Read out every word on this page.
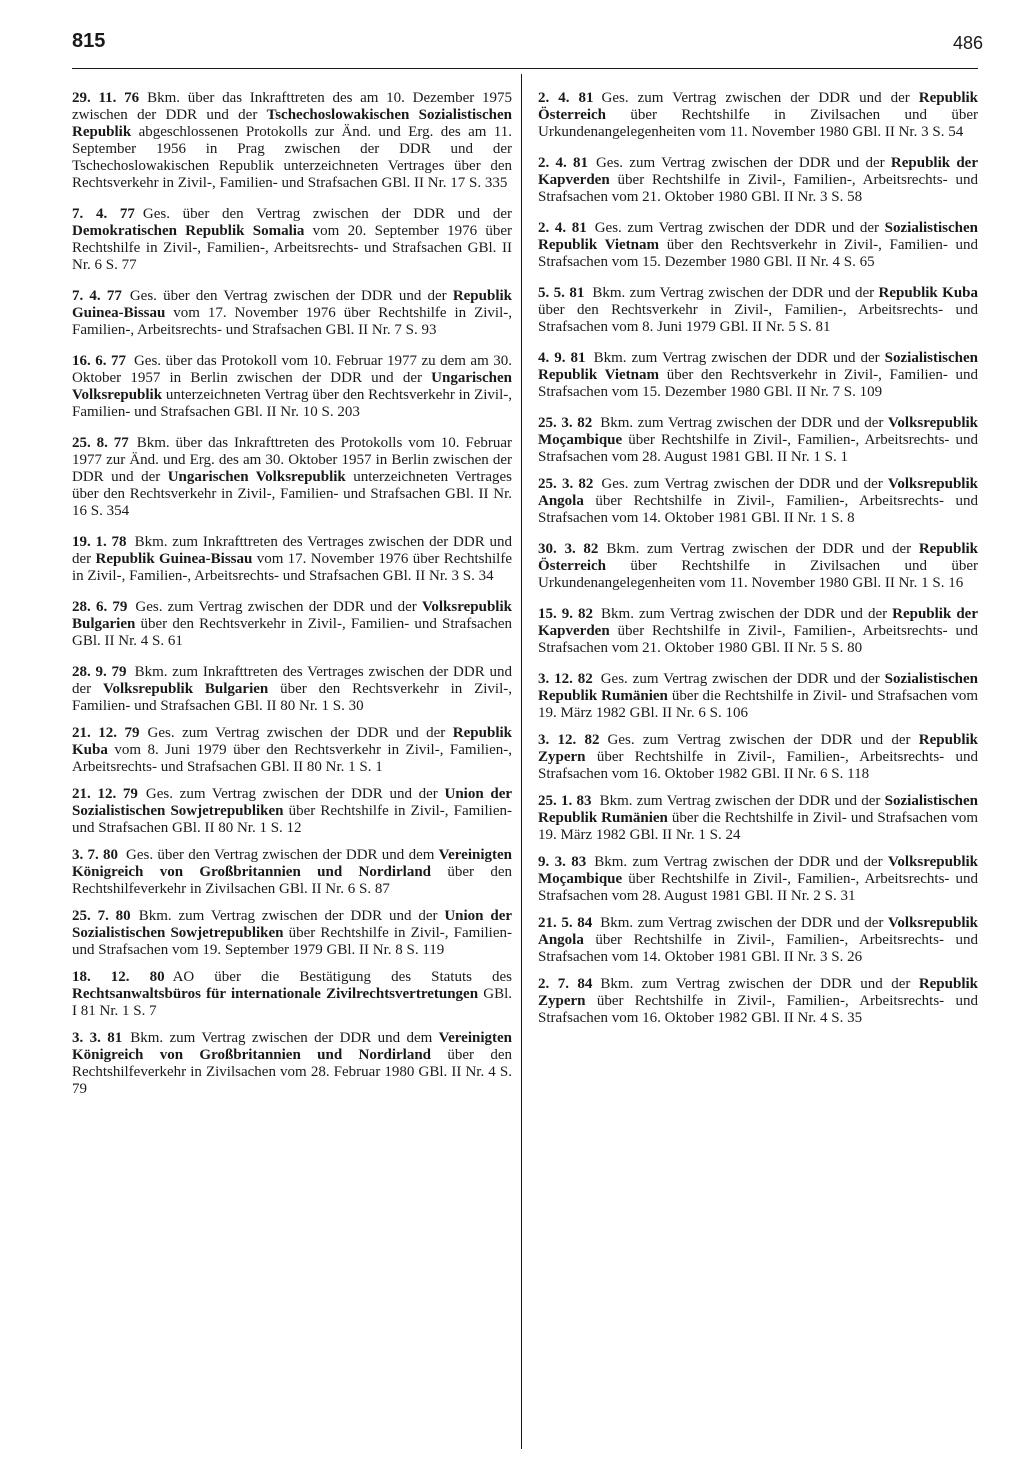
815	486

29. 11. 76 Bkm. über das Inkrafttreten des am 10. Dezember 1975 zwischen der DDR und der Tschechoslowakischen Sozialistischen Republik abgeschlossenen Protokolls zur Änd. und Erg. des am 11. September 1956 in Prag zwischen der DDR und der Tschechoslowakischen Republik unterzeichneten Vertrages über den Rechtsverkehr in Zivil-, Familien- und Strafsachen GBl. II Nr. 17 S. 335

7. 4. 77 Ges. über den Vertrag zwischen der DDR und der Demokratischen Republik Somalia vom 20. September 1976 über Rechtshilfe in Zivil-, Familien-, Arbeitsrechts- und Strafsachen GBl. II Nr. 6 S. 77

7. 4. 77 Ges. über den Vertrag zwischen der DDR und der Republik Guinea-Bissau vom 17. November 1976 über Rechtshilfe in Zivil-, Familien-, Arbeitsrechts- und Strafsachen GBl. II Nr. 7 S. 93

16. 6. 77 Ges. über das Protokoll vom 10. Februar 1977 zu dem am 30. Oktober 1957 in Berlin zwischen der DDR und der Ungarischen Volksrepublik unterzeichneten Vertrag über den Rechtsverkehr in Zivil-, Familien- und Strafsachen GBl. II Nr. 10 S. 203

25. 8. 77 Bkm. über das Inkrafttreten des Protokolls vom 10. Februar 1977 zur Änd. und Erg. des am 30. Oktober 1957 in Berlin zwischen der DDR und der Ungarischen Volksrepublik unterzeichneten Vertrages über den Rechtsverkehr in Zivil-, Familien- und Strafsachen GBl. II Nr. 16 S. 354

19. 1. 78 Bkm. zum Inkrafttreten des Vertrages zwischen der DDR und der Republik Guinea-Bissau vom 17. November 1976 über Rechtshilfe in Zivil-, Familien-, Arbeitsrechts- und Strafsachen GBl. II Nr. 3 S. 34

28. 6. 79 Ges. zum Vertrag zwischen der DDR und der Volksrepublik Bulgarien über den Rechtsverkehr in Zivil-, Familien- und Strafsachen GBl. II Nr. 4 S. 61

28. 9. 79 Bkm. zum Inkrafttreten des Vertrages zwischen der DDR und der Volksrepublik Bulgarien über den Rechtsverkehr in Zivil-, Familien- und Strafsachen GBl. II 80 Nr. 1 S. 30

21. 12. 79 Ges. zum Vertrag zwischen der DDR und der Republik Kuba vom 8. Juni 1979 über den Rechtsverkehr in Zivil-, Familien-, Arbeitsrechts- und Strafsachen GBl. II 80 Nr. 1 S. 1

21. 12. 79 Ges. zum Vertrag zwischen der DDR und der Union der Sozialistischen Sowjetrepubliken über Rechtshilfe in Zivil-, Familien- und Strafsachen GBl. II 80 Nr. 1 S. 12

3. 7. 80 Ges. über den Vertrag zwischen der DDR und dem Vereinigten Königreich von Großbritannien und Nordirland über den Rechtshilfeverkehr in Zivilsachen GBl. II Nr. 6 S. 87

25. 7. 80 Bkm. zum Vertrag zwischen der DDR und der Union der Sozialistischen Sowjetrepubliken über Rechtshilfe in Zivil-, Familien- und Strafsachen vom 19. September 1979 GBl. II Nr. 8 S. 119

18. 12. 80 AO über die Bestätigung des Statuts des Rechtsanwaltsbüros für internationale Zivilrechtsvertretungen GBl. I 81 Nr. 1 S. 7

3. 3. 81 Bkm. zum Vertrag zwischen der DDR und dem Vereinigten Königreich von Großbritannien und Nordirland über den Rechtshilfeverkehr in Zivilsachen vom 28. Februar 1980 GBl. II Nr. 4 S. 79

2. 4. 81 Ges. zum Vertrag zwischen der DDR und der Republik Österreich über Rechtshilfe in Zivilsachen und über Urkundenangelegenheiten vom 11. November 1980 GBl. II Nr. 3 S. 54

2. 4. 81 Ges. zum Vertrag zwischen der DDR und der Republik der Kapverden über Rechtshilfe in Zivil-, Familien-, Arbeitsrechts- und Strafsachen vom 21. Oktober 1980 GBl. II Nr. 3 S. 58

2. 4. 81 Ges. zum Vertrag zwischen der DDR und der Sozialistischen Republik Vietnam über den Rechtsverkehr in Zivil-, Familien- und Strafsachen vom 15. Dezember 1980 GBl. II Nr. 4 S. 65

5. 5. 81 Bkm. zum Vertrag zwischen der DDR und der Republik Kuba über den Rechtsverkehr in Zivil-, Familien-, Arbeitsrechts- und Strafsachen vom 8. Juni 1979 GBl. II Nr. 5 S. 81

4. 9. 81 Bkm. zum Vertrag zwischen der DDR und der Sozialistischen Republik Vietnam über den Rechtsverkehr in Zivil-, Familien- und Strafsachen vom 15. Dezember 1980 GBl. II Nr. 7 S. 109

25. 3. 82 Bkm. zum Vertrag zwischen der DDR und der Volksrepublik Moçambique über Rechtshilfe in Zivil-, Familien-, Arbeitsrechts- und Strafsachen vom 28. August 1981 GBl. II Nr. 1 S. 1

25. 3. 82 Ges. zum Vertrag zwischen der DDR und der Volksrepublik Angola über Rechtshilfe in Zivil-, Familien-, Arbeitsrechts- und Strafsachen vom 14. Oktober 1981 GBl. II Nr. 1 S. 8

30. 3. 82 Bkm. zum Vertrag zwischen der DDR und der Republik Österreich über Rechtshilfe in Zivilsachen und über Urkundenangelegenheiten vom 11. November 1980 GBl. II Nr. 1 S. 16

15. 9. 82 Bkm. zum Vertrag zwischen der DDR und der Republik der Kapverden über Rechtshilfe in Zivil-, Familien-, Arbeitsrechts- und Strafsachen vom 21. Oktober 1980 GBl. II Nr. 5 S. 80

3. 12. 82 Ges. zum Vertrag zwischen der DDR und der Sozialistischen Republik Rumänien über die Rechtshilfe in Zivil- und Strafsachen vom 19. März 1982 GBl. II Nr. 6 S. 106

3. 12. 82 Ges. zum Vertrag zwischen der DDR und der Republik Zypern über Rechtshilfe in Zivil-, Familien-, Arbeitsrechts- und Strafsachen vom 16. Oktober 1982 GBl. II Nr. 6 S. 118

25. 1. 83 Bkm. zum Vertrag zwischen der DDR und der Sozialistischen Republik Rumänien über die Rechtshilfe in Zivil- und Strafsachen vom 19. März 1982 GBl. II Nr. 1 S. 24

9. 3. 83 Bkm. zum Vertrag zwischen der DDR und der Volksrepublik Moçambique über Rechtshilfe in Zivil-, Familien-, Arbeitsrechts- und Strafsachen vom 28. August 1981 GBl. II Nr. 2 S. 31

21. 5. 84 Bkm. zum Vertrag zwischen der DDR und der Volksrepublik Angola über Rechtshilfe in Zivil-, Familien-, Arbeitsrechts- und Strafsachen vom 14. Oktober 1981 GBl. II Nr. 3 S. 26

2. 7. 84 Bkm. zum Vertrag zwischen der DDR und der Republik Zypern über Rechtshilfe in Zivil-, Familien-, Arbeitsrechts- und Strafsachen vom 16. Oktober 1982 GBl. II Nr. 4 S. 35
